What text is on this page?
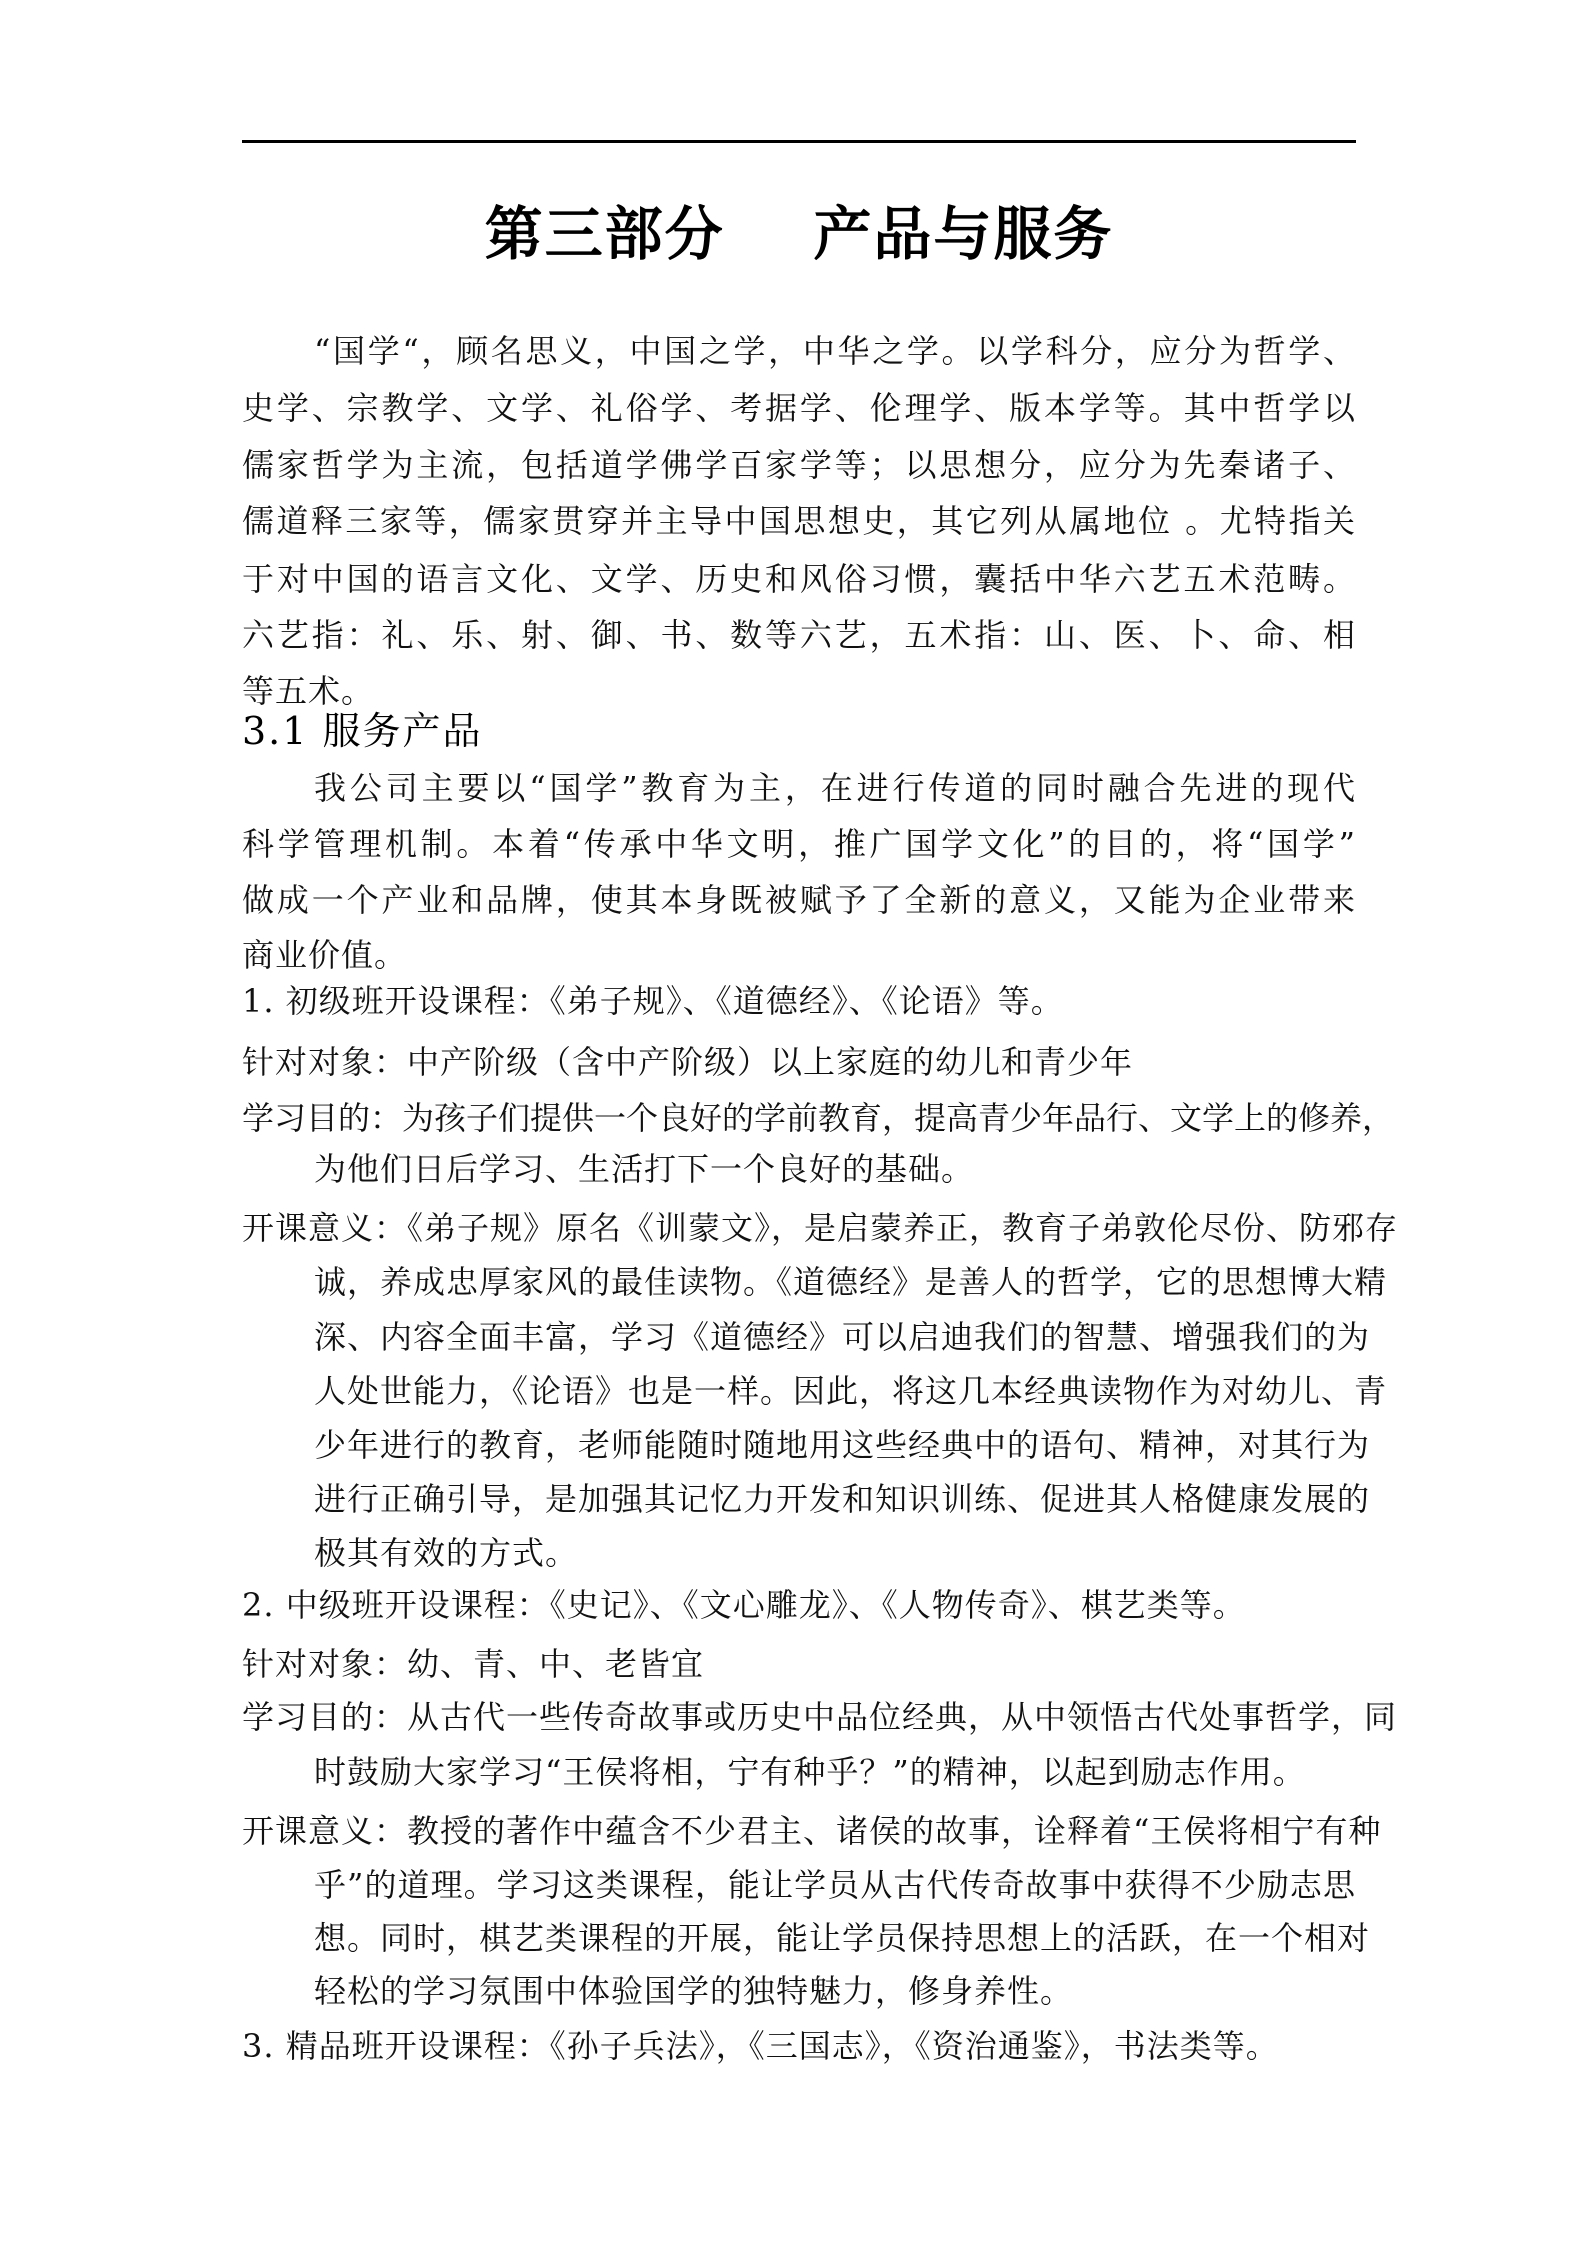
第三部分    产品与服务
“国学“，顾名思义，中国之学，中华之学。以学科分，应分为哲学、
史学、宗教学、文学、礼俗学、考据学、伦理学、版本学等。其中哲学以
儒家哲学为主流，包括道学佛学百家学等；以思想分，应分为先秦诸子、
儒道释三家等，儒家贯穿并主导中国思想史，其它列从属地位 。尤特指关
于对中国的语言文化、文学、历史和风俗习惯，囊括中华六艺五术范畴。
六艺指：礼、乐、射、御、书、数等六艺，五术指：山、医、卜、命、相
等五术。
3.1 服务产品
我公司主要以“国学”教育为主，在进行传道的同时融合先进的现代
科学管理机制。本着“传承中华文明，推广国学文化”的目的，将“国学”
做成一个产业和品牌，使其本身既被赋予了全新的意义，又能为企业带来
商业价值。
1. 初级班开设课程：《弟子规》、《道德经》、《论语》等。
针对对象：中产阶级（含中产阶级）以上家庭的幼儿和青少年
学习目的：为孩子们提供一个良好的学前教育，提高青少年品行、文学上的修养，
为他们日后学习、生活打下一个良好的基础。
开课意义：《弟子规》原名《训蒙文》，是启蒙养正，教育子弟敦伦尽份、防邪存
诚，养成忠厚家风的最佳读物。《道德经》是善人的哲学，它的思想博大精
深、内容全面丰富，学习《道德经》可以启迪我们的智慧、增强我们的为
人处世能力，《论语》也是一样。因此，将这几本经典读物作为对幼儿、青
少年进行的教育，老师能随时随地用这些经典中的语句、精神，对其行为
进行正确引导，是加强其记忆力开发和知识训练、促进其人格健康发展的
极其有效的方式。
2. 中级班开设课程：《史记》、《文心雕龙》、《人物传奇》、棋艺类等。
针对对象：幼、青、中、老皆宜
学习目的：从古代一些传奇故事或历史中品位经典，从中领悟古代处事哲学，同
时鼓励大家学习“王侯将相，宁有种乎？”的精神，以起到励志作用。
开课意义：教授的著作中蕴含不少君主、诸侯的故事，诠释着“王侯将相宁有种
乎”的道理。学习这类课程，能让学员从古代传奇故事中获得不少励志思
想。同时，棋艺类课程的开展，能让学员保持思想上的活跃，在一个相对
轻松的学习氛围中体验国学的独特魅力，修身养性。
3. 精品班开设课程：《孙子兵法》，《三国志》，《资治通鉴》，书法类等。
